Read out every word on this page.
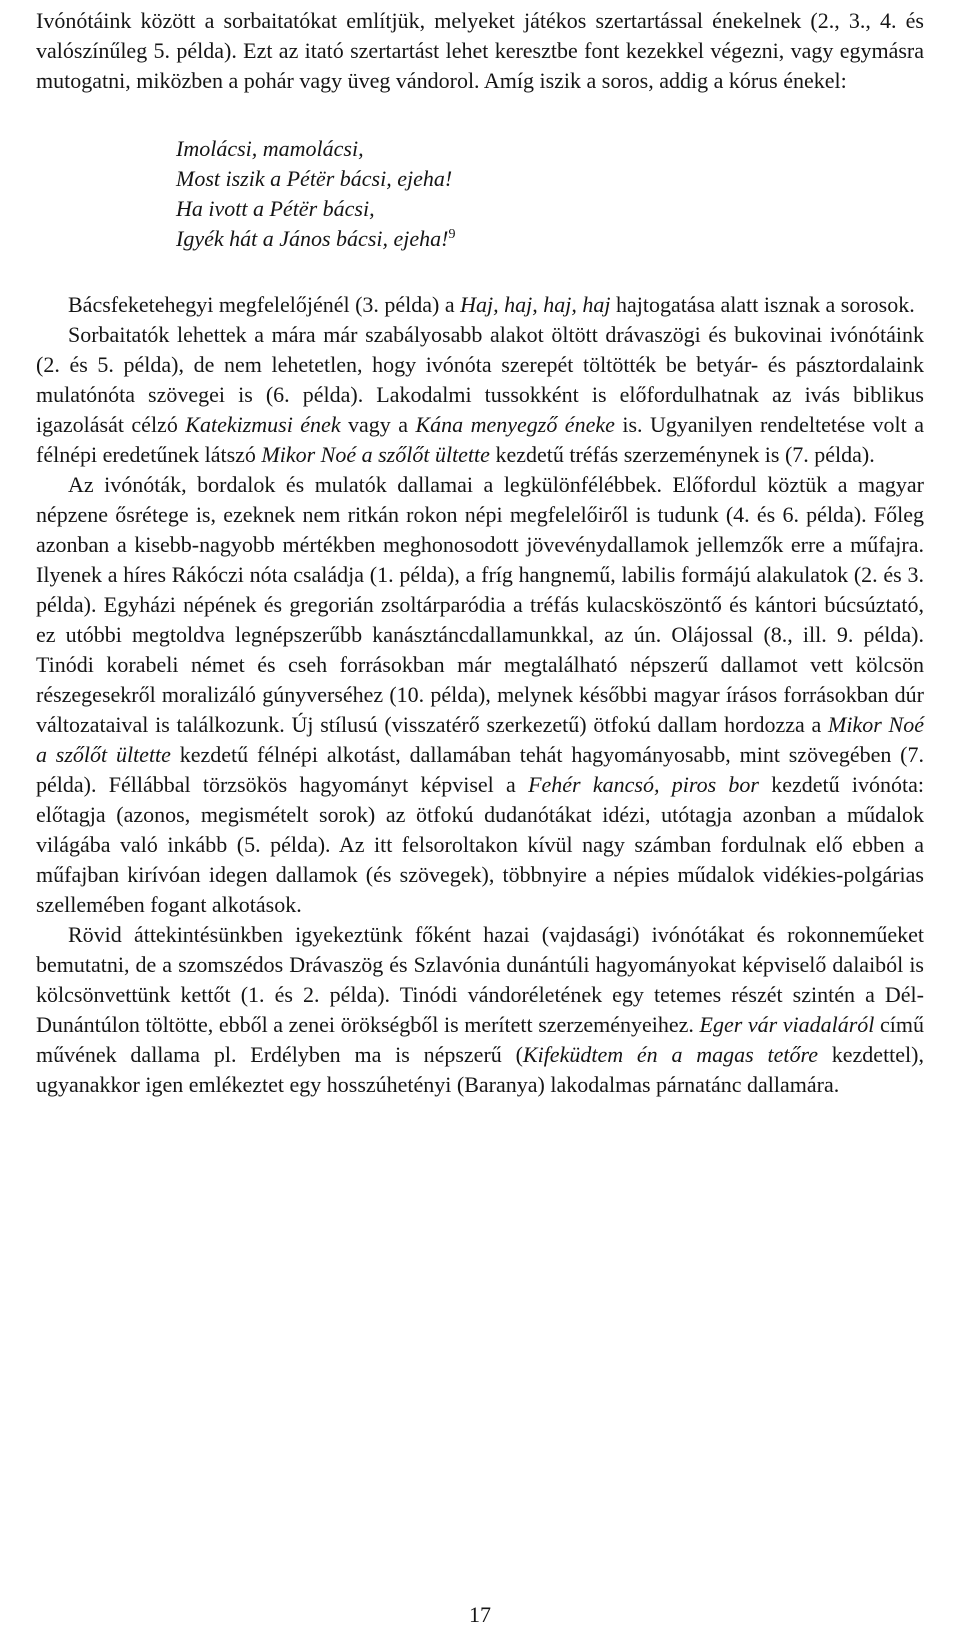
Ivónótáink között a sorbaitatókat említjük, melyeket játékos szertartással énekelnek (2., 3., 4. és valószínűleg 5. példa). Ezt az itató szertartást lehet keresztbe font kezekkel végezni, vagy egymásra mutogatni, miközben a pohár vagy üveg vándorol. Amíg iszik a soros, addig a kórus énekel:

Imolácsi, mamolácsi,
Most iszik a Pétër bácsi, ejeha!
Ha ivott a Pétër bácsi,
Igyék hát a János bácsi, ejeha!$^9$

Bácsfeketehegyi megfelelőjénél (3. példa) a Haj, haj, haj, haj hajtogatása alatt isznak a sorosok.

Sorbaitatók lehettek a mára már szabályosabb alakot öltött drávaszögi és bukovinai ivónótáink (2. és 5. példa), de nem lehetetlen, hogy ivónóta szerepét töltötték be betyár- és pásztordalaink mulatónóta szövegei is (6. példa). Lakodalmi tussokként is előfordulhatnak az ivás biblikus igazolását célzó Katekizmusi ének vagy a Kána menyegző éneke is. Ugyanilyen rendeltetése volt a félnépi eredetűnek látszó Mikor Noé a szőlőt ültette kezdetű tréfás szerzeménynek is (7. példa).

Az ivónóták, bordalok és mulatók dallamai a legkülönfélébbek. Előfordul köztük a magyar népzene ősrétege is, ezeknek nem ritkán rokon népi megfelelőiről is tudunk (4. és 6. példa). Főleg azonban a kisebb-nagyobb mértékben meghonosodott jövevénydallamok jellemzők erre a műfajra. Ilyenek a híres Rákóczi nóta családja (1. példa), a fríg hangnemű, labilis formájú alakulatok (2. és 3. példa). Egyházi népének és gregorián zsoltárparódia a tréfás kulacsköszöntő és kántori búcsúztató, ez utóbbi megtoldva legnépszerűbb kanásztáncdallamunkkal, az ún. Olájossal (8., ill. 9. példa). Tinódi korabeli német és cseh forrásokban már megtalálható népszerű dallamot vett kölcsön részegesekről moralizáló gúnyverséhez (10. példa), melynek későbbi magyar írásos forrásokban dúr változataival is találkozunk. Új stílusú (visszatérő szerkezetű) ötfokú dallam hordozza a Mikor Noé a szőlőt ültette kezdetű félnépi alkotást, dallamában tehát hagyományosabb, mint szövegében (7. példa). Féllábbal törzsökös hagyományt képvisel a Fehér kancsó, piros bor kezdetű ivónóta: előtagja (azonos, megismételt sorok) az ötfokú dudanótákat idézi, utótagja azonban a műdalok világába való inkább (5. példa). Az itt felsoroltakon kívül nagy számban fordulnak elő ebben a műfajban kirívóan idegen dallamok (és szövegek), többnyire a népies műdalok vidékies-polgárias szellemében fogant alkotások.

Rövid áttekintésünkben igyekeztünk főként hazai (vajdasági) ivónótákat és rokonneműeket bemutatni, de a szomszédos Drávaszög és Szlavónia dunántúli hagyományokat képviselő dalaiból is kölcsönvettünk kettőt (1. és 2. példa). Tinódi vándoréletének egy tetemes részét szintén a Dél-Dunántúlon töltötte, ebből a zenei örökségből is merített szerzeményeihez. Eger vár viadaláról című művének dallama pl. Erdélyben ma is népszerű (Kifeküdtem én a magas tetőre kezdettel), ugyanakkor igen emlékeztet egy hosszúhetényi (Baranya) lakodalmas párnatánc dallamára.

17
